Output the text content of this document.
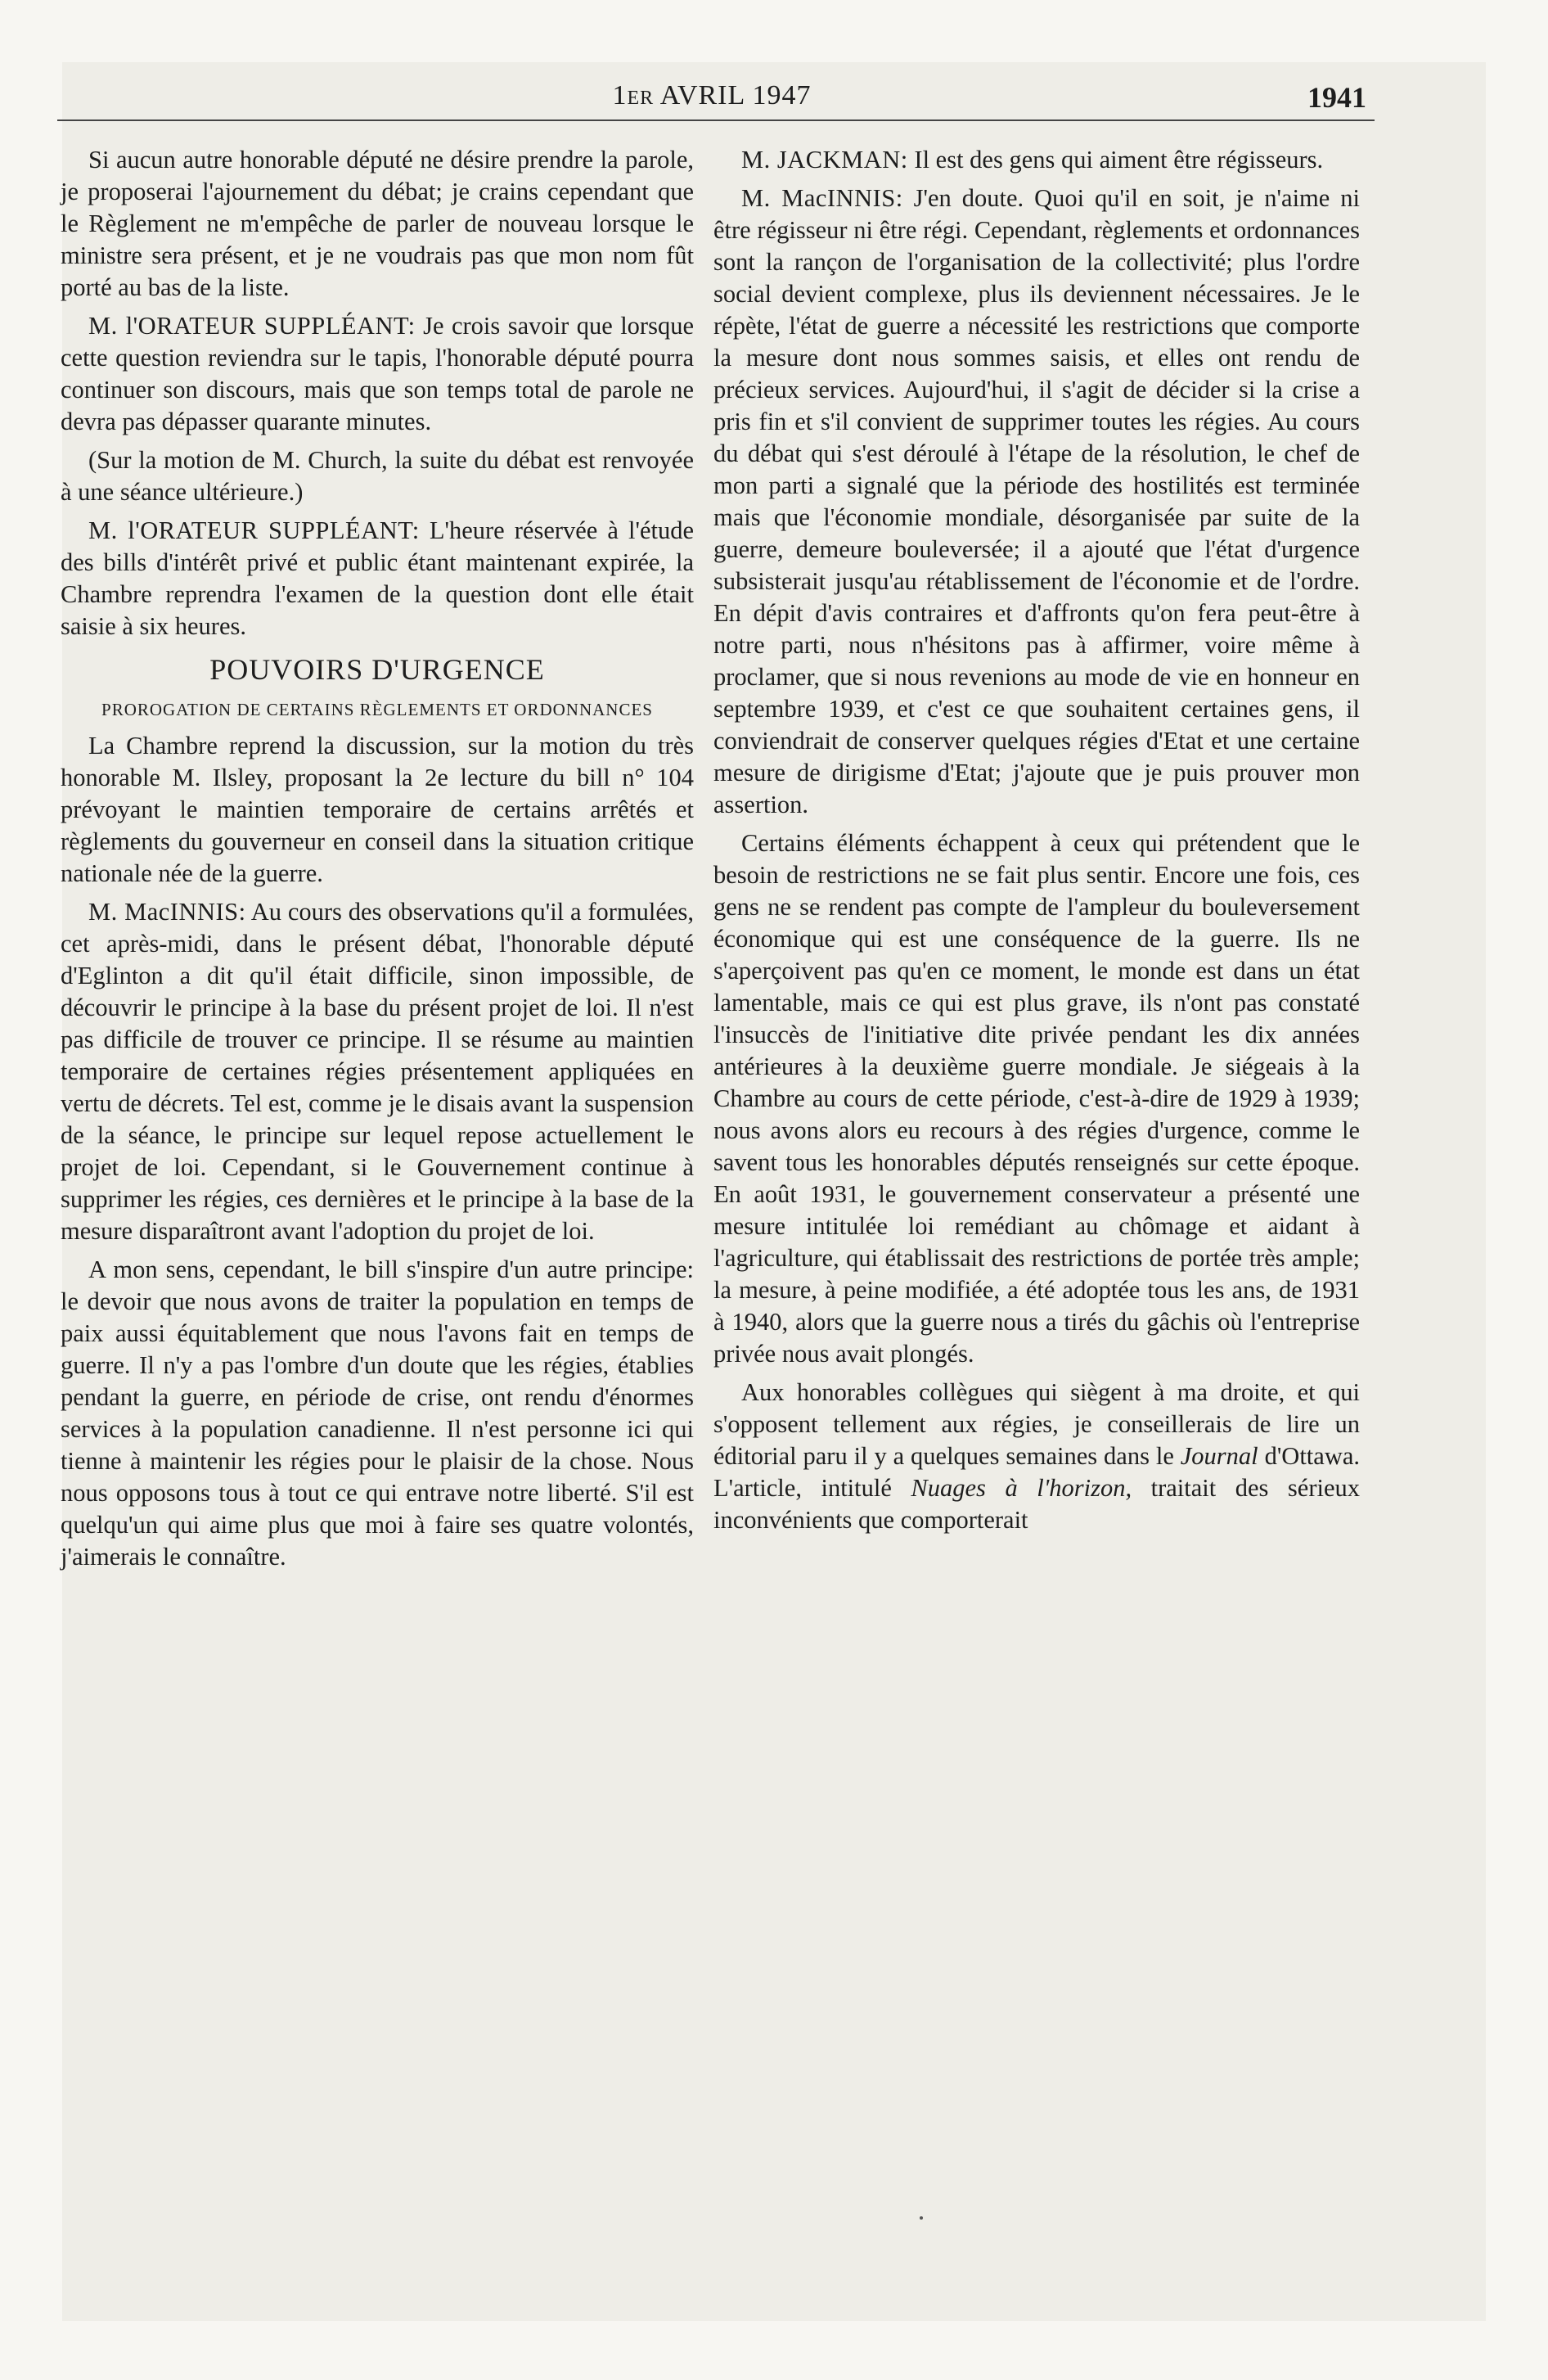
1ER AVRIL 1947	1941

Si aucun autre honorable député ne désire prendre la parole, je proposerai l'ajournement du débat; je crains cependant que le Règlement ne m'empêche de parler de nouveau lorsque le ministre sera présent, et je ne voudrais pas que mon nom fût porté au bas de la liste.

M. l'ORATEUR SUPPLÉANT: Je crois savoir que lorsque cette question reviendra sur le tapis, l'honorable député pourra continuer son discours, mais que son temps total de parole ne devra pas dépasser quarante minutes.

(Sur la motion de M. Church, la suite du débat est renvoyée à une séance ultérieure.)

M. l'ORATEUR SUPPLÉANT: L'heure réservée à l'étude des bills d'intérêt privé et public étant maintenant expirée, la Chambre reprendra l'examen de la question dont elle était saisie à six heures.

POUVOIRS D'URGENCE
PROROGATION DE CERTAINS RÈGLEMENTS ET ORDONNANCES

La Chambre reprend la discussion, sur la motion du très honorable M. Ilsley, proposant la 2e lecture du bill n° 104 prévoyant le maintien temporaire de certains arrêtés et règlements du gouverneur en conseil dans la situation critique nationale née de la guerre.

M. MacINNIS: Au cours des observations qu'il a formulées, cet après-midi, dans le présent débat, l'honorable député d'Eglinton a dit qu'il était difficile, sinon impossible, de découvrir le principe à la base du présent projet de loi. Il n'est pas difficile de trouver ce principe. Il se résume au maintien temporaire de certaines régies présentement appliquées en vertu de décrets. Tel est, comme je le disais avant la suspension de la séance, le principe sur lequel repose actuellement le projet de loi. Cependant, si le Gouvernement continue à supprimer les régies, ces dernières et le principe à la base de la mesure disparaîtront avant l'adoption du projet de loi.

A mon sens, cependant, le bill s'inspire d'un autre principe: le devoir que nous avons de traiter la population en temps de paix aussi équitablement que nous l'avons fait en temps de guerre. Il n'y a pas l'ombre d'un doute que les régies, établies pendant la guerre, en période de crise, ont rendu d'énormes services à la population canadienne. Il n'est personne ici qui tienne à maintenir les régies pour le plaisir de la chose. Nous nous opposons tous à tout ce qui entrave notre liberté. S'il est quelqu'un qui aime plus que moi à faire ses quatre volontés, j'aimerais le connaître.

M. JACKMAN: Il est des gens qui aiment être régisseurs.

M. MacINNIS: J'en doute. Quoi qu'il en soit, je n'aime ni être régisseur ni être régi. Cependant, règlements et ordonnances sont la rançon de l'organisation de la collectivité; plus l'ordre social devient complexe, plus ils deviennent nécessaires. Je le répète, l'état de guerre a nécessité les restrictions que comporte la mesure dont nous sommes saisis, et elles ont rendu de précieux services. Aujourd'hui, il s'agit de décider si la crise a pris fin et s'il convient de supprimer toutes les régies. Au cours du débat qui s'est déroulé à l'étape de la résolution, le chef de mon parti a signalé que la période des hostilités est terminée mais que l'économie mondiale, désorganisée par suite de la guerre, demeure bouleversée; il a ajouté que l'état d'urgence subsisterait jusqu'au rétablissement de l'économie et de l'ordre. En dépit d'avis contraires et d'affronts qu'on fera peut-être à notre parti, nous n'hésitons pas à affirmer, voire même à proclamer, que si nous revenions au mode de vie en honneur en septembre 1939, et c'est ce que souhaitent certaines gens, il conviendrait de conserver quelques régies d'Etat et une certaine mesure de dirigisme d'Etat; j'ajoute que je puis prouver mon assertion.

Certains éléments échappent à ceux qui prétendent que le besoin de restrictions ne se fait plus sentir. Encore une fois, ces gens ne se rendent pas compte de l'ampleur du bouleversement économique qui est une conséquence de la guerre. Ils ne s'aperçoivent pas qu'en ce moment, le monde est dans un état lamentable, mais ce qui est plus grave, ils n'ont pas constaté l'insuccès de l'initiative dite privée pendant les dix années antérieures à la deuxième guerre mondiale. Je siégeais à la Chambre au cours de cette période, c'est-à-dire de 1929 à 1939; nous avons alors eu recours à des régies d'urgence, comme le savent tous les honorables députés renseignés sur cette époque. En août 1931, le gouvernement conservateur a présenté une mesure intitulée loi remédiant au chômage et aidant à l'agriculture, qui établissait des restrictions de portée très ample; la mesure, à peine modifiée, a été adoptée tous les ans, de 1931 à 1940, alors que la guerre nous a tirés du gâchis où l'entreprise privée nous avait plongés.

Aux honorables collègues qui siègent à ma droite, et qui s'opposent tellement aux régies, je conseillerais de lire un éditorial paru il y a quelques semaines dans le Journal d'Ottawa. L'article, intitulé Nuages à l'horizon, traitait des sérieux inconvénients que comporterait
